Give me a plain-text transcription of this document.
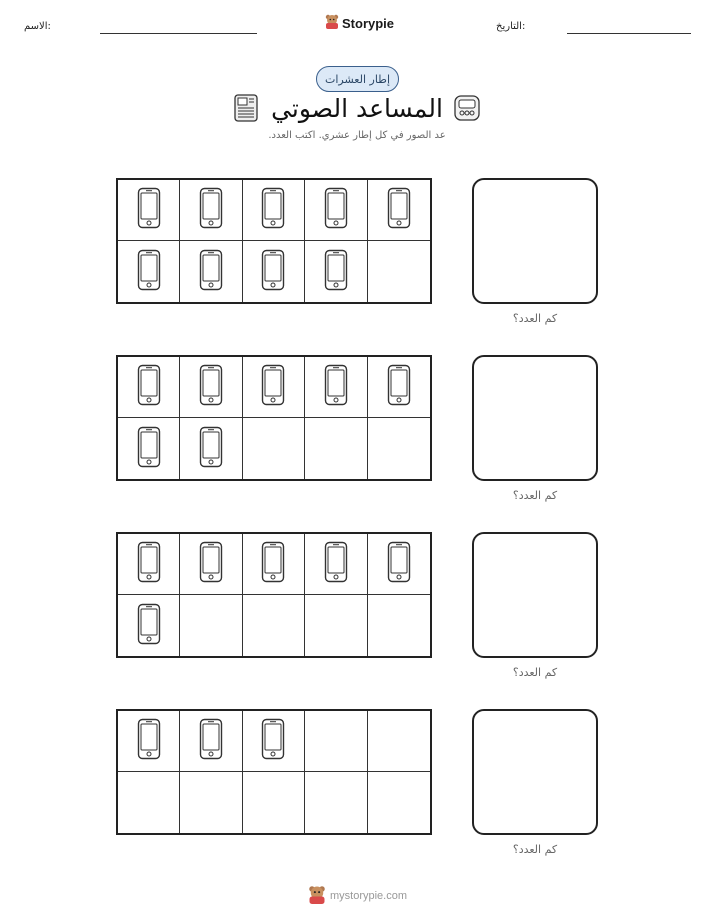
الاسم:	Storypie	التاريخ:
إطار العشرات
المساعد الصوتي
عد الصور في كل إطار عشري. اكتب العدد.
كم العدد؟
كم العدد؟
كم العدد؟
كم العدد؟
mystorypie.com
